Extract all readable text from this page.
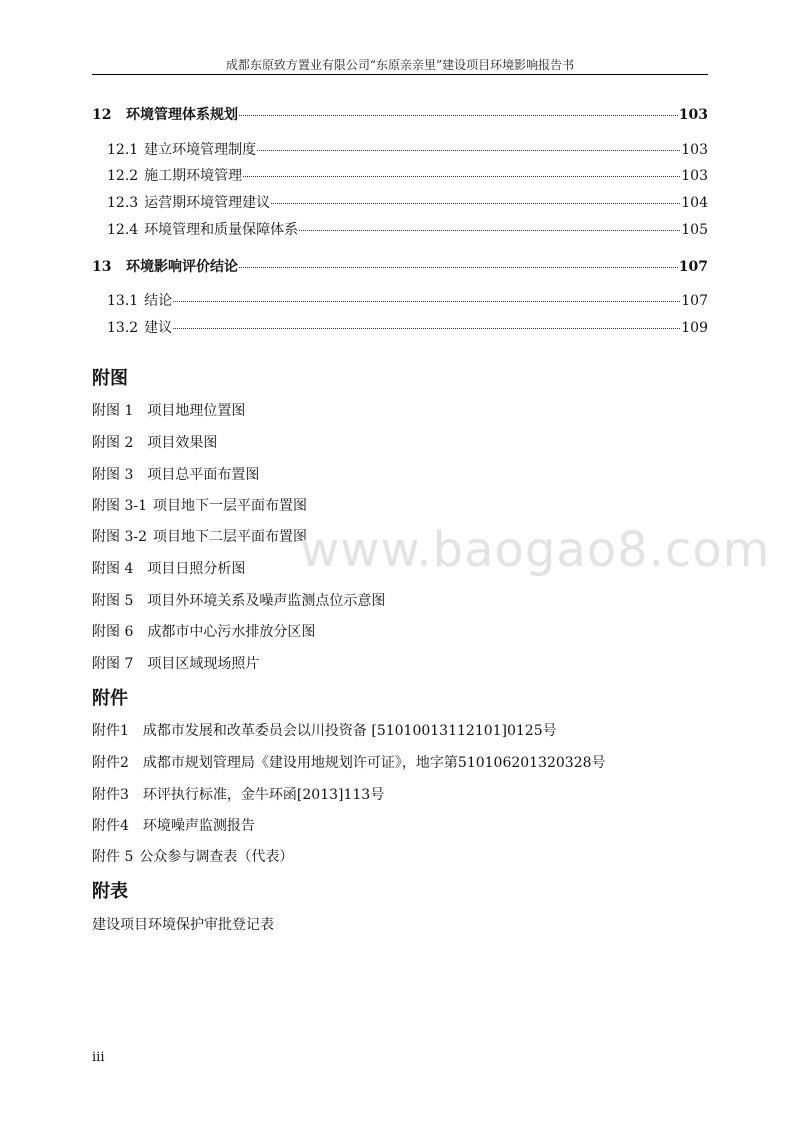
成都东原致方置业有限公司“东原亲亲里”建设项目环境影响报告书
12	环境管理体系规划	103
12.1 建立环境管理制度	103
12.2 施工期环境管理	103
12.3 运营期环境管理建议	104
12.4 环境管理和质量保障体系	105
13	环境影响评价结论	107
13.1 结论	107
13.2 建议	109
附图
附图 1 项目地理位置图
附图 2 项目效果图
附图 3 项目总平面布置图
附图 3-1 项目地下一层平面布置图
附图 3-2 项目地下二层平面布置图
附图 4 项目日照分析图
附图 5 项目外环境关系及噪声监测点位示意图
附图 6 成都市中心污水排放分区图
附图 7 项目区域现场照片
附件
附件1 成都市发展和改革委员会以川投资备 [51010013112101]0125号
附件2 成都市规划管理局《建设用地规划许可证》，地字第510106201320328号
附件3 环评执行标准，金牛环函[2013]113号
附件4 环境噪声监测报告
附件 5 公众参与调查表（代表）
附表
建设项目环境保护审批登记表
www.baogao8.com
iii
